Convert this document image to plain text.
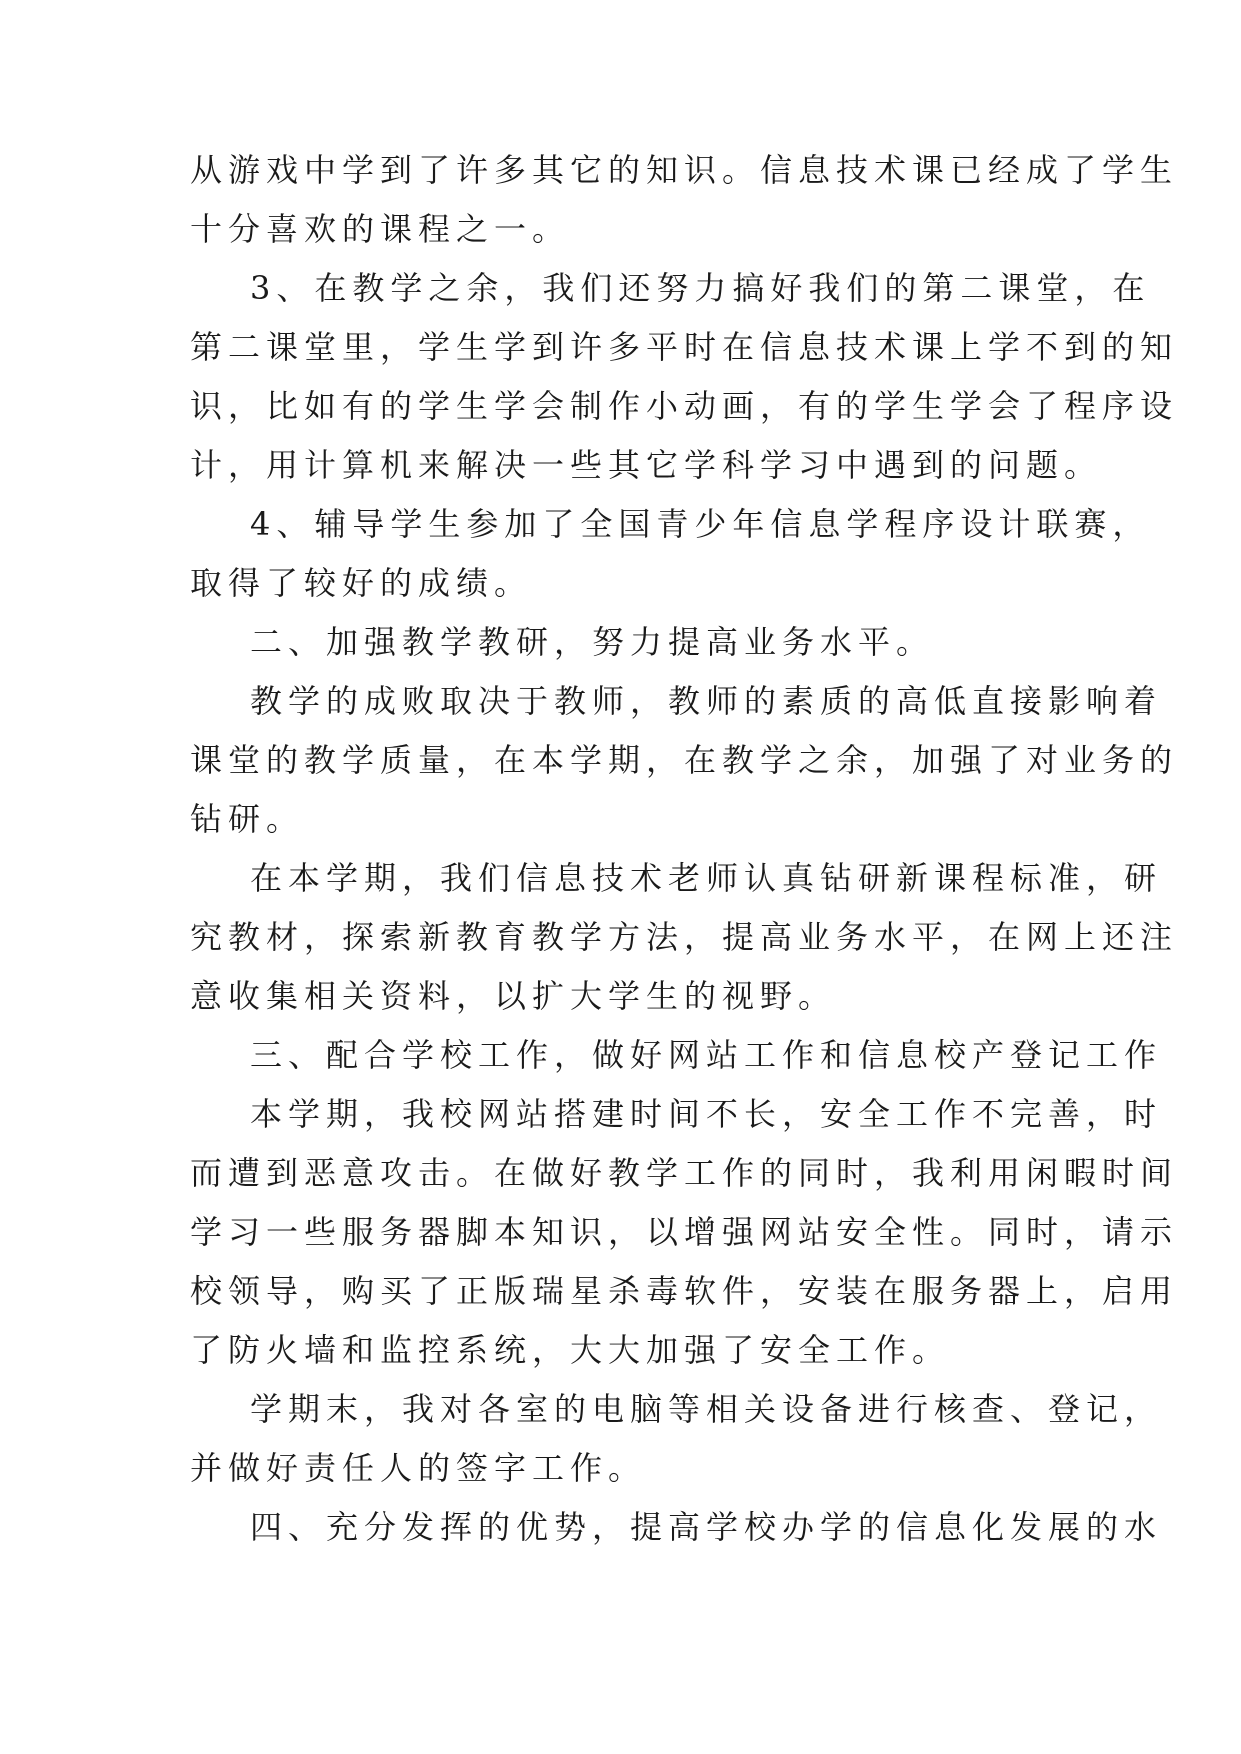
从游戏中学到了许多其它的知识。信息技术课已经成了学生
十分喜欢的课程之一。
3、在教学之余，我们还努力搞好我们的第二课堂，在
第二课堂里，学生学到许多平时在信息技术课上学不到的知
识，比如有的学生学会制作小动画，有的学生学会了程序设
计，用计算机来解决一些其它学科学习中遇到的问题。
4、辅导学生参加了全国青少年信息学程序设计联赛，
取得了较好的成绩。
二、加强教学教研，努力提高业务水平。
教学的成败取决于教师，教师的素质的高低直接影响着
课堂的教学质量，在本学期，在教学之余，加强了对业务的
钻研。
在本学期，我们信息技术老师认真钻研新课程标准，研
究教材，探索新教育教学方法，提高业务水平，在网上还注
意收集相关资料，以扩大学生的视野。
三、配合学校工作，做好网站工作和信息校产登记工作
本学期，我校网站搭建时间不长，安全工作不完善，时
而遭到恶意攻击。在做好教学工作的同时，我利用闲暇时间
学习一些服务器脚本知识，以增强网站安全性。同时，请示
校领导，购买了正版瑞星杀毒软件，安装在服务器上，启用
了防火墙和监控系统，大大加强了安全工作。
学期末，我对各室的电脑等相关设备进行核查、登记，
并做好责任人的签字工作。
四、充分发挥的优势，提高学校办学的信息化发展的水
